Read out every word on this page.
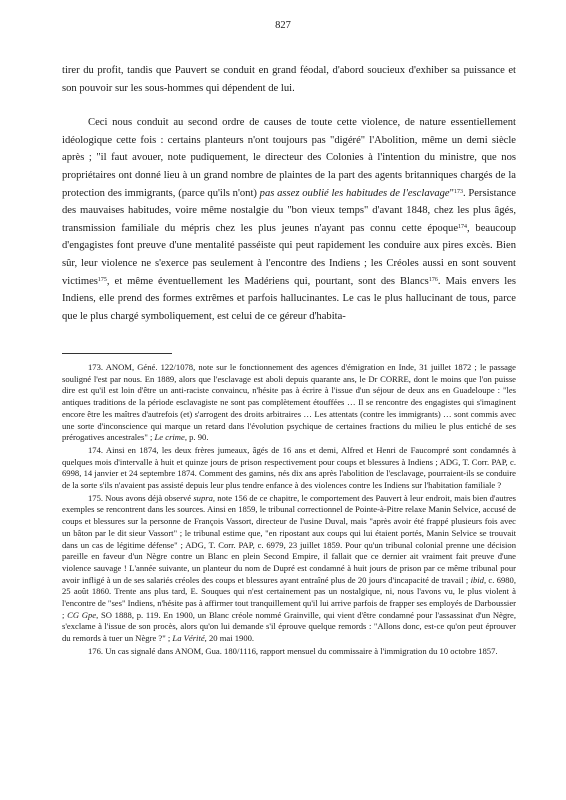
827

tirer du profit, tandis que Pauvert se conduit en grand féodal, d'abord soucieux d'exhiber sa puissance et son pouvoir sur les sous-hommes qui dépendent de lui.

Ceci nous conduit au second ordre de causes de toute cette violence, de nature essentiellement idéologique cette fois : certains planteurs n'ont toujours pas "digéré" l'Abolition, même un demi siècle après ; "il faut avouer, note pudiquement, le directeur des Colonies à l'intention du ministre, que nos propriétaires ont donné lieu à un grand nombre de plaintes de la part des agents britanniques chargés de la protection des immigrants, (parce qu'ils n'ont) pas assez oublié les habitudes de l'esclavage"$^{173}$. Persistance des mauvaises habitudes, voire même nostalgie du "bon vieux temps" d'avant 1848, chez les plus âgés, transmission familiale du mépris chez les plus jeunes n'ayant pas connu cette époque$^{174}$, beaucoup d'engagistes font preuve d'une mentalité passéiste qui peut rapidement les conduire aux pires excès. Bien sûr, leur violence ne s'exerce pas seulement à l'encontre des Indiens ; les Créoles aussi en sont souvent victimes$^{175}$, et même éventuellement les Madériens qui, pourtant, sont des Blancs$^{176}$. Mais envers les Indiens, elle prend des formes extrêmes et parfois hallucinantes. Le cas le plus hallucinant de tous, parce que le plus chargé symboliquement, est celui de ce géreur d'habita-

173. ANOM, Géné. 122/1078, note sur le fonctionnement des agences d'émigration en Inde, 31 juillet 1872 ; le passage souligné l'est par nous. En 1889, alors que l'esclavage est aboli depuis quarante ans, le Dr CORRE, dont le moins que l'on puisse dire est qu'il est loin d'être un anti-raciste convaincu, n'hésite pas à écrire à l'issue d'un séjour de deux ans en Guadeloupe : "les antiques traditions de la période esclavagiste ne sont pas complètement étouffées … Il se rencontre des engagistes qui s'imaginent encore être les maîtres d'autrefois (et) s'arrogent des droits arbitraires … Les attentats (contre les immigrants) … sont commis avec une sorte d'inconscience qui marque un retard dans l'évolution psychique de certaines fractions du milieu le plus entiché de ses prérogatives ancestrales" ; Le crime, p. 90.

174. Ainsi en 1874, les deux frères jumeaux, âgés de 16 ans et demi, Alfred et Henri de Faucompré sont condamnés à quelques mois d'intervalle à huit et quinze jours de prison respectivement pour coups et blessures à Indiens ; ADG, T. Corr. PAP, c. 6998, 14 janvier et 24 septembre 1874. Comment des gamins, nés dix ans après l'abolition de l'esclavage, pourraient-ils se conduire de la sorte s'ils n'avaient pas assisté depuis leur plus tendre enfance à des violences contre les Indiens sur l'habitation familiale ?

175. Nous avons déjà observé supra, note 156 de ce chapitre, le comportement des Pauvert à leur endroit, mais bien d'autres exemples se rencontrent dans les sources. Ainsi en 1859, le tribunal correctionnel de Pointe-à-Pitre relaxe Manin Selvice, accusé de coups et blessures sur la personne de François Vassort, directeur de l'usine Duval, mais "après avoir été frappé plusieurs fois avec un bâton par le dit sieur Vassort" ; le tribunal estime que, "en ripostant aux coups qui lui étaient portés, Manin Selvice se trouvait dans un cas de légitime défense" ; ADG, T. Corr. PAP, c. 6979, 23 juillet 1859. Pour qu'un tribunal colonial prenne une décision pareille en faveur d'un Nègre contre un Blanc en plein Second Empire, il fallait que ce dernier ait vraiment fait preuve d'une violence sauvage ! L'année suivante, un planteur du nom de Dupré est condamné à huit jours de prison par ce même tribunal pour avoir infligé à un de ses salariés créoles des coups et blessures ayant entraîné plus de 20 jours d'incapacité de travail ; ibid, c. 6980, 25 août 1860. Trente ans plus tard, E. Souques qui n'est certainement pas un nostalgique, ni, nous l'avons vu, le plus violent à l'encontre de "ses" Indiens, n'hésite pas à affirmer tout tranquillement qu'il lui arrive parfois de frapper ses employés de Darboussier ; CG Gpe, SO 1888, p. 119. En 1900, un Blanc créole nommé Grainville, qui vient d'être condamné pour l'assassinat d'un Nègre, s'exclame à l'issue de son procès, alors qu'on lui demande s'il éprouve quelque remords : "Allons donc, est-ce qu'on peut éprouver du remords à tuer un Nègre ?" ; La Vérité, 20 mai 1900.

176. Un cas signalé dans ANOM, Gua. 180/1116, rapport mensuel du commissaire à l'immigration du 10 octobre 1857.
